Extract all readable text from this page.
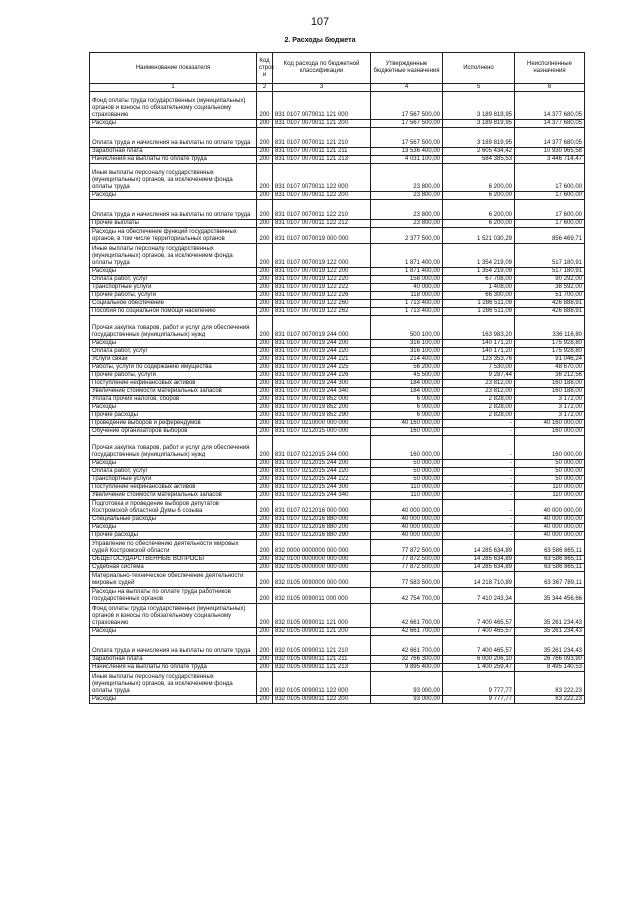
107
2. Расходы бюджета
Наименование показателя	Код строк и	Код расхода по бюджетной классификации	Утвержденные бюджетные назначения	Исполнено	Неисполненные назначения
1	2	3	4	5	6
Фонд оплаты труда государственных (муниципальных) органов и взносы по обязательному социальному страхованию	200	831 0107 0070011 121 000	17 567 500,00	3 189 819,95	14 377 680,05
Расходы	200	831 0107 0070011 121 200	17 567 500,00	3 189 819,95	14 377 680,05
Оплата труда и начисления на выплаты по оплате труда	200	831 0107 0070011 121 210	17 567 500,00	3 189 819,95	14 377 680,05
Заработная плата	200	831 0107 0070011 121 211	13 536 400,00	2 605 434,42	10 930 965,58
Начисления на выплаты по оплате труда	200	831 0107 0070011 121 213	4 031 100,00	584 385,53	3 446 714,47
Иные выплаты персоналу государственных (муниципальных) органов, за исключением фонда оплаты труда	200	831 0107 0070011 122 000	23 800,00	6 200,00	17 600,00
Расходы	200	831 0107 0070011 122 200	23 800,00	6 200,00	17 600,00
Оплата труда и начисления на выплаты по оплате труда	200	831 0107 0070011 122 210	23 800,00	6 200,00	17 600,00
Прочие выплаты	200	831 0107 0070011 122 212	23 800,00	6 200,00	17 600,00
Расходы на обеспечение функций государственных органов, в том числе территориальных органов	200	831 0107 0070019 000 000	2 377 500,00	1 521 030,29	856 469,71
Иные выплаты персоналу государственных (муниципальных) органов, за исключением фонда оплаты труда	200	831 0107 0070019 122 000	1 871 400,00	1 354 219,09	517 180,91
Расходы	200	831 0107 0070019 122 200	1 871 400,00	1 354 219,09	517 180,91
Оплата работ, услуг	200	831 0107 0070019 122 220	158 000,00	67 708,00	90 292,00
Транспортные услуги	200	831 0107 0070019 122 222	40 000,00	1 408,00	38 592,00
Прочие работы, услуги	200	831 0107 0070019 122 226	118 000,00	66 300,00	51 700,00
Социальное обеспечение	200	831 0107 0070019 122 260	1 713 400,00	1 286 511,09	426 888,91
Пособия по социальной помощи населению	200	831 0107 0070019 122 262	1 713 400,00	1 286 511,09	426 888,91
Прочая закупка товаров, работ и услуг для обеспечения государственных (муниципальных) нужд	200	831 0107 0070019 244 000	500 100,00	163 983,20	336 116,80
Расходы	200	831 0107 0070019 244 200	316 100,00	140 171,20	175 928,80
Оплата работ, услуг	200	831 0107 0070019 244 220	316 100,00	140 171,20	175 928,80
Услуги связи	200	831 0107 0070019 244 221	214 400,00	123 353,76	91 046,24
Работы, услуги по содержанию имущества	200	831 0107 0070019 244 225	56 200,00	7 530,00	48 670,00
Прочие работы, услуги	200	831 0107 0070019 244 226	45 500,00	9 287,44	36 212,56
Поступление нефинансовых активов	200	831 0107 0070019 244 300	184 000,00	23 812,00	160 188,00
Увеличение стоимости материальных запасов	200	831 0107 0070019 244 340	184 000,00	23 812,00	160 188,00
Уплата прочих налогов, сборов	200	831 0107 0070019 852 000	6 000,00	2 828,00	3 172,00
Расходы	200	831 0107 0070019 852 200	6 000,00	2 828,00	3 172,00
Прочие расходы	200	831 0107 0070019 852 290	6 000,00	2 828,00	3 172,00
Проведение выборов и референдумов	200	831 0107 0210000 000 000	40 160 000,00	-	40 160 000,00
Обучение организаторов выборов	200	831 0107 0212015 000 000	160 000,00	-	160 000,00
Прочая закупка товаров, работ и услуг для обеспечения государственных (муниципальных) нужд	200	831 0107 0212015 244 000	160 000,00	-	160 000,00
Расходы	200	831 0107 0212015 244 200	50 000,00	-	50 000,00
Оплата работ, услуг	200	831 0107 0212015 244 220	50 000,00	-	50 000,00
Транспортные услуги	200	831 0107 0212015 244 222	50 000,00	-	50 000,00
Поступление нефинансовых активов	200	831 0107 0212015 244 300	110 000,00	-	110 000,00
Увеличение стоимости материальных запасов	200	831 0107 0212015 244 340	110 000,00	-	110 000,00
Подготовка и проведение выборов депутатов Костромской областной Думы 6 созыва	200	831 0107 0212016 000 000	40 000 000,00	-	40 000 000,00
Специальные расходы	200	831 0107 0212016 880 000	40 000 000,00	-	40 000 000,00
Расходы	200	831 0107 0212016 880 200	40 000 000,00	-	40 000 000,00
Прочие расходы	200	831 0107 0212016 880 290	40 000 000,00	-	40 000 000,00
Управление по обеспечению деятельности мировых судей Костромской области	200	832 0000 0000000 000 000	77 872 500,00	14 285 634,89	63 586 865,11
ОБЩЕГОСУДАРСТВЕННЫЕ ВОПРОСЫ	200	832 0100 0000000 000 000	77 872 500,00	14 285 634,89	63 586 865,11
Судебная система	200	832 0105 0000000 000 000	77 872 500,00	14 285 634,89	63 586 865,11
Материально-техническое обеспечение деятельности мировых судей	200	832 0105 0090000 000 000	77 583 500,00	14 218 710,89	63 367 789,11
Расходы на выплаты по оплате труда работников государственных органов	200	832 0105 0090011 000 000	42 754 700,00	7 410 243,34	35 344 456,66
Фонд оплаты труда государственных (муниципальных) органов и взносы по обязательному социальному страхованию	200	832 0105 0090011 121 000	42 661 700,00	7 400 465,57	35 261 234,43
Расходы	200	832 0105 0090011 121 200	42 661 700,00	7 400 465,57	35 261 234,43
Оплата труда и начисления на выплаты по оплате труда	200	832 0105 0090011 121 210	42 661 700,00	7 400 465,57	35 261 234,43
Заработная плата	200	832 0105 0090011 121 211	32 766 300,00	6 000 206,10	26 766 093,90
Начисления на выплаты по оплате труда	200	832 0105 0090011 121 213	9 895 400,00	1 400 259,47	8 495 140,53
Иные выплаты персоналу государственных (муниципальных) органов, за исключением фонда оплаты труда	200	832 0105 0090011 122 000	93 000,00	9 777,77	83 222,23
Расходы	200	832 0105 0090011 122 200	93 000,00	9 777,77	83 222,23
